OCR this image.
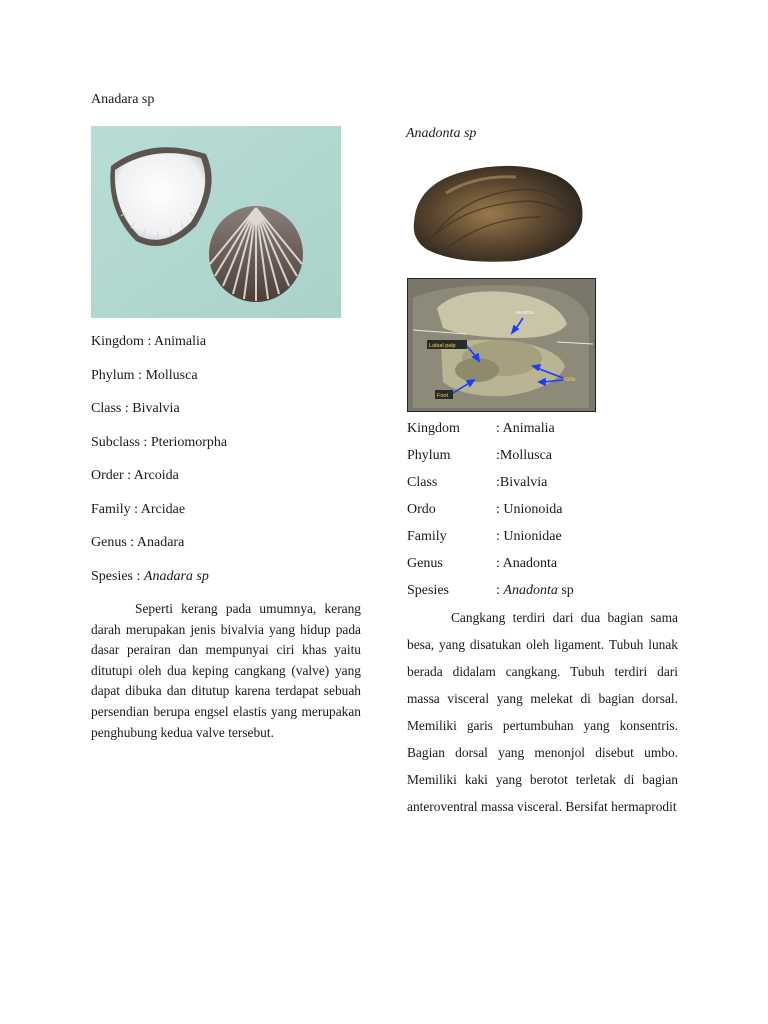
Anadara sp
Kingdom : Animalia
Phylum : Mollusca
Class : Bivalvia
Subclass : Pteriomorpha
Order : Arcoida
Family : Arcidae
Genus : Anadara
Spesies : Anadara sp

Seperti kerang pada umumnya, kerang darah merupakan jenis bivalvia yang hidup pada dasar perairan dan mempunyai ciri khas yaitu ditutupi oleh dua keping cangkang (valve) yang dapat dibuka dan ditutup karena terdapat sebuah persendian berupa engsel elastis yang merupakan penghubung kedua valve tersebut.

Anadonta sp
MANTEL
Labial palp
Gills
Foot
Kingdom	: Animalia
Phylum	:Mollusca
Class	:Bivalvia
Ordo	: Unionoida
Family	: Unionidae
Genus	: Anadonta
Spesies	: Anadonta sp

Cangkang terdiri dari dua bagian sama besa, yang disatukan oleh ligament. Tubuh lunak berada didalam cangkang. Tubuh terdiri dari massa visceral yang melekat di bagian dorsal. Memiliki garis pertumbuhan yang konsentris. Bagian dorsal yang menonjol disebut umbo. Memiliki kaki yang berotot terletak di bagian anteroventral massa visceral. Bersifat hermaprodit
